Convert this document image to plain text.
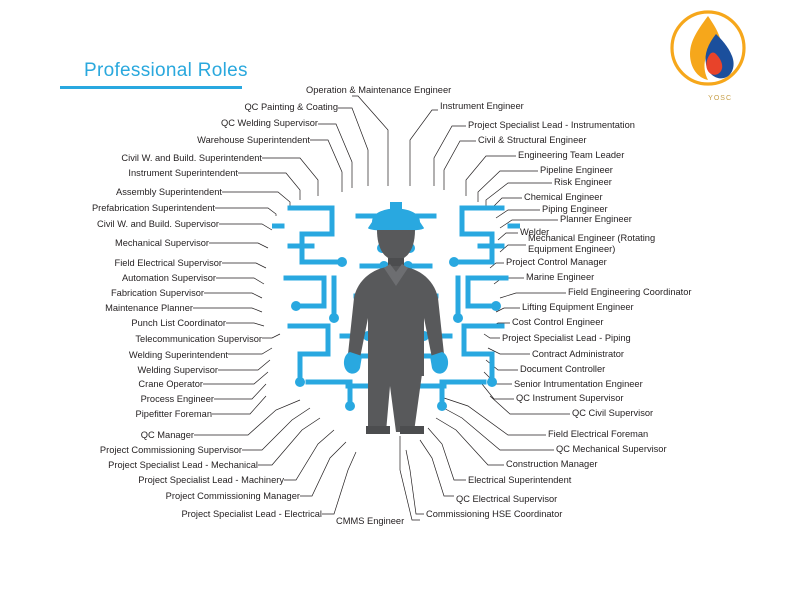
Professional Roles
YOSC
Operation & Maintenance Engineer
Instrument Engineer
QC Painting & Coating
QC Welding Supervisor
Warehouse Superintendent
Civil W. and Build. Superintendent
Instrument Superintendent
Assembly Superintendent
Prefabrication Superintendent
Civil W. and Build. Supervisor
Mechanical Supervisor
Field Electrical Supervisor
Automation Supervisor
Fabrication Supervisor
Maintenance Planner
Punch List Coordinator
Telecommunication Supervisor
Welding Superintendent
Welding Supervisor
Crane Operator
Process Engineer
Pipefitter Foreman
QC Manager
Project Commissioning Supervisor
Project Specialist Lead - Mechanical
Project Specialist Lead - Machinery
Project Commissioning Manager
Project Specialist Lead - Electrical
CMMS Engineer
Project Specialist Lead - Instrumentation
Civil & Structural Engineer
Engineering Team Leader
Pipeline Engineer
Risk Engineer
Chemical Engineer
Piping Engineer
Planner Engineer
Welder
Mechanical Engineer (Rotating Equipment Engineer)
Project Control Manager
Marine Engineer
Field Engineering Coordinator
Lifting Equipment Engineer
Cost Control Engineer
Project Specialist Lead - Piping
Contract Administrator
Document Controller
Senior Intrumentation Engineer
QC Instrument Supervisor
QC Civil Supervisor
Field Electrical Foreman
QC Mechanical Supervisor
Construction Manager
Electrical Superintendent
QC Electrical Supervisor
Commissioning HSE Coordinator
